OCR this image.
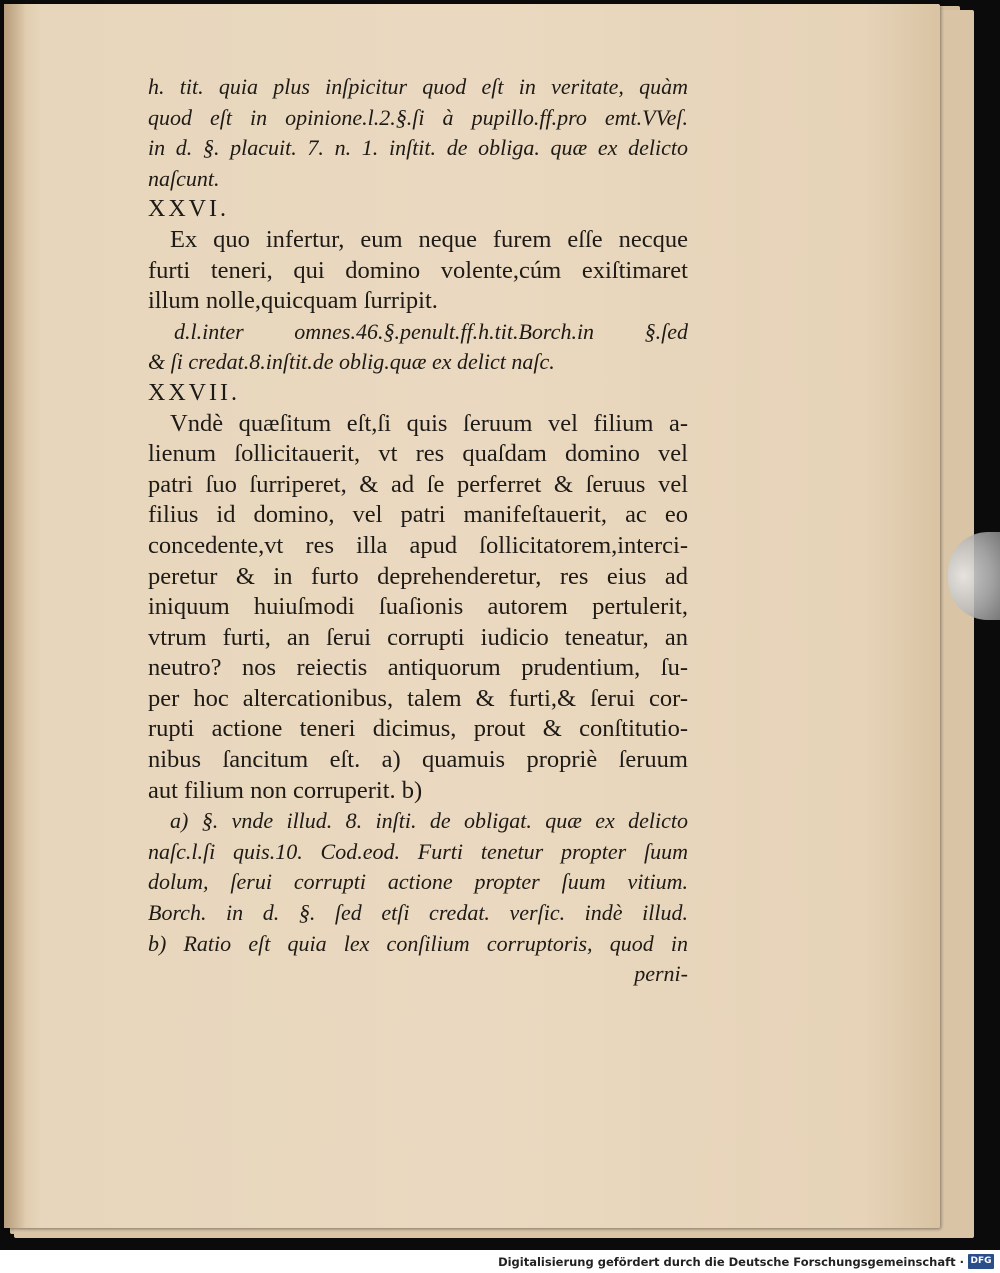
h. tit. quia plus inſpicitur quod eſt in veritate, quàm
quod eſt in opinione.l.2.§.ſi à pupillo.ff.pro emt.VVeſ.
in d. §. placuit. 7. n. 1. inſtit. de obliga. quæ ex delicto
naſcunt.
XXVI.
Ex quo infertur, eum neque furem eſſe necque
furti teneri, qui domino volente,cúm exiſtimaret
illum nolle,quicquam ſurripit.
d.l.inter omnes.46.§.penult.ff.h.tit.Borch.in §.ſed
& ſi credat.8.inſtit.de oblig.quæ ex delict naſc.
XXVII.
Vndè quæſitum eſt,ſi quis ſeruum vel filium a-
lienum ſollicitauerit, vt res quaſdam domino vel
patri ſuo ſurriperet, & ad ſe perferret & ſeruus vel
filius id domino, vel patri manifeſtauerit, ac eo
concedente,vt res illa apud ſollicitatorem,interci-
peretur & in furto deprehenderetur, res eius ad
iniquum huiuſmodi ſuaſionis autorem pertulerit,
vtrum furti, an ſerui corrupti iudicio teneatur, an
neutro? nos reiectis antiquorum prudentium, ſu-
per hoc altercationibus, talem & furti,& ſerui cor-
rupti actione teneri dicimus, prout & conſtitutio-
nibus ſancitum eſt. a) quamuis propriè ſeruum
aut filium non corruperit. b)
a) §. vnde illud. 8. inſti. de obligat. quæ ex delicto
naſc.l.ſi quis.10. Cod.eod. Furti tenetur propter ſuum
dolum, ſerui corrupti actione propter ſuum vitium.
Borch. in d. §. ſed etſi credat. verſic. indè illud.
b) Ratio eſt quia lex conſilium corruptoris, quod in
perni-
Digitalisierung gefördert durch die Deutsche Forschungsgemeinschaft · DFG
